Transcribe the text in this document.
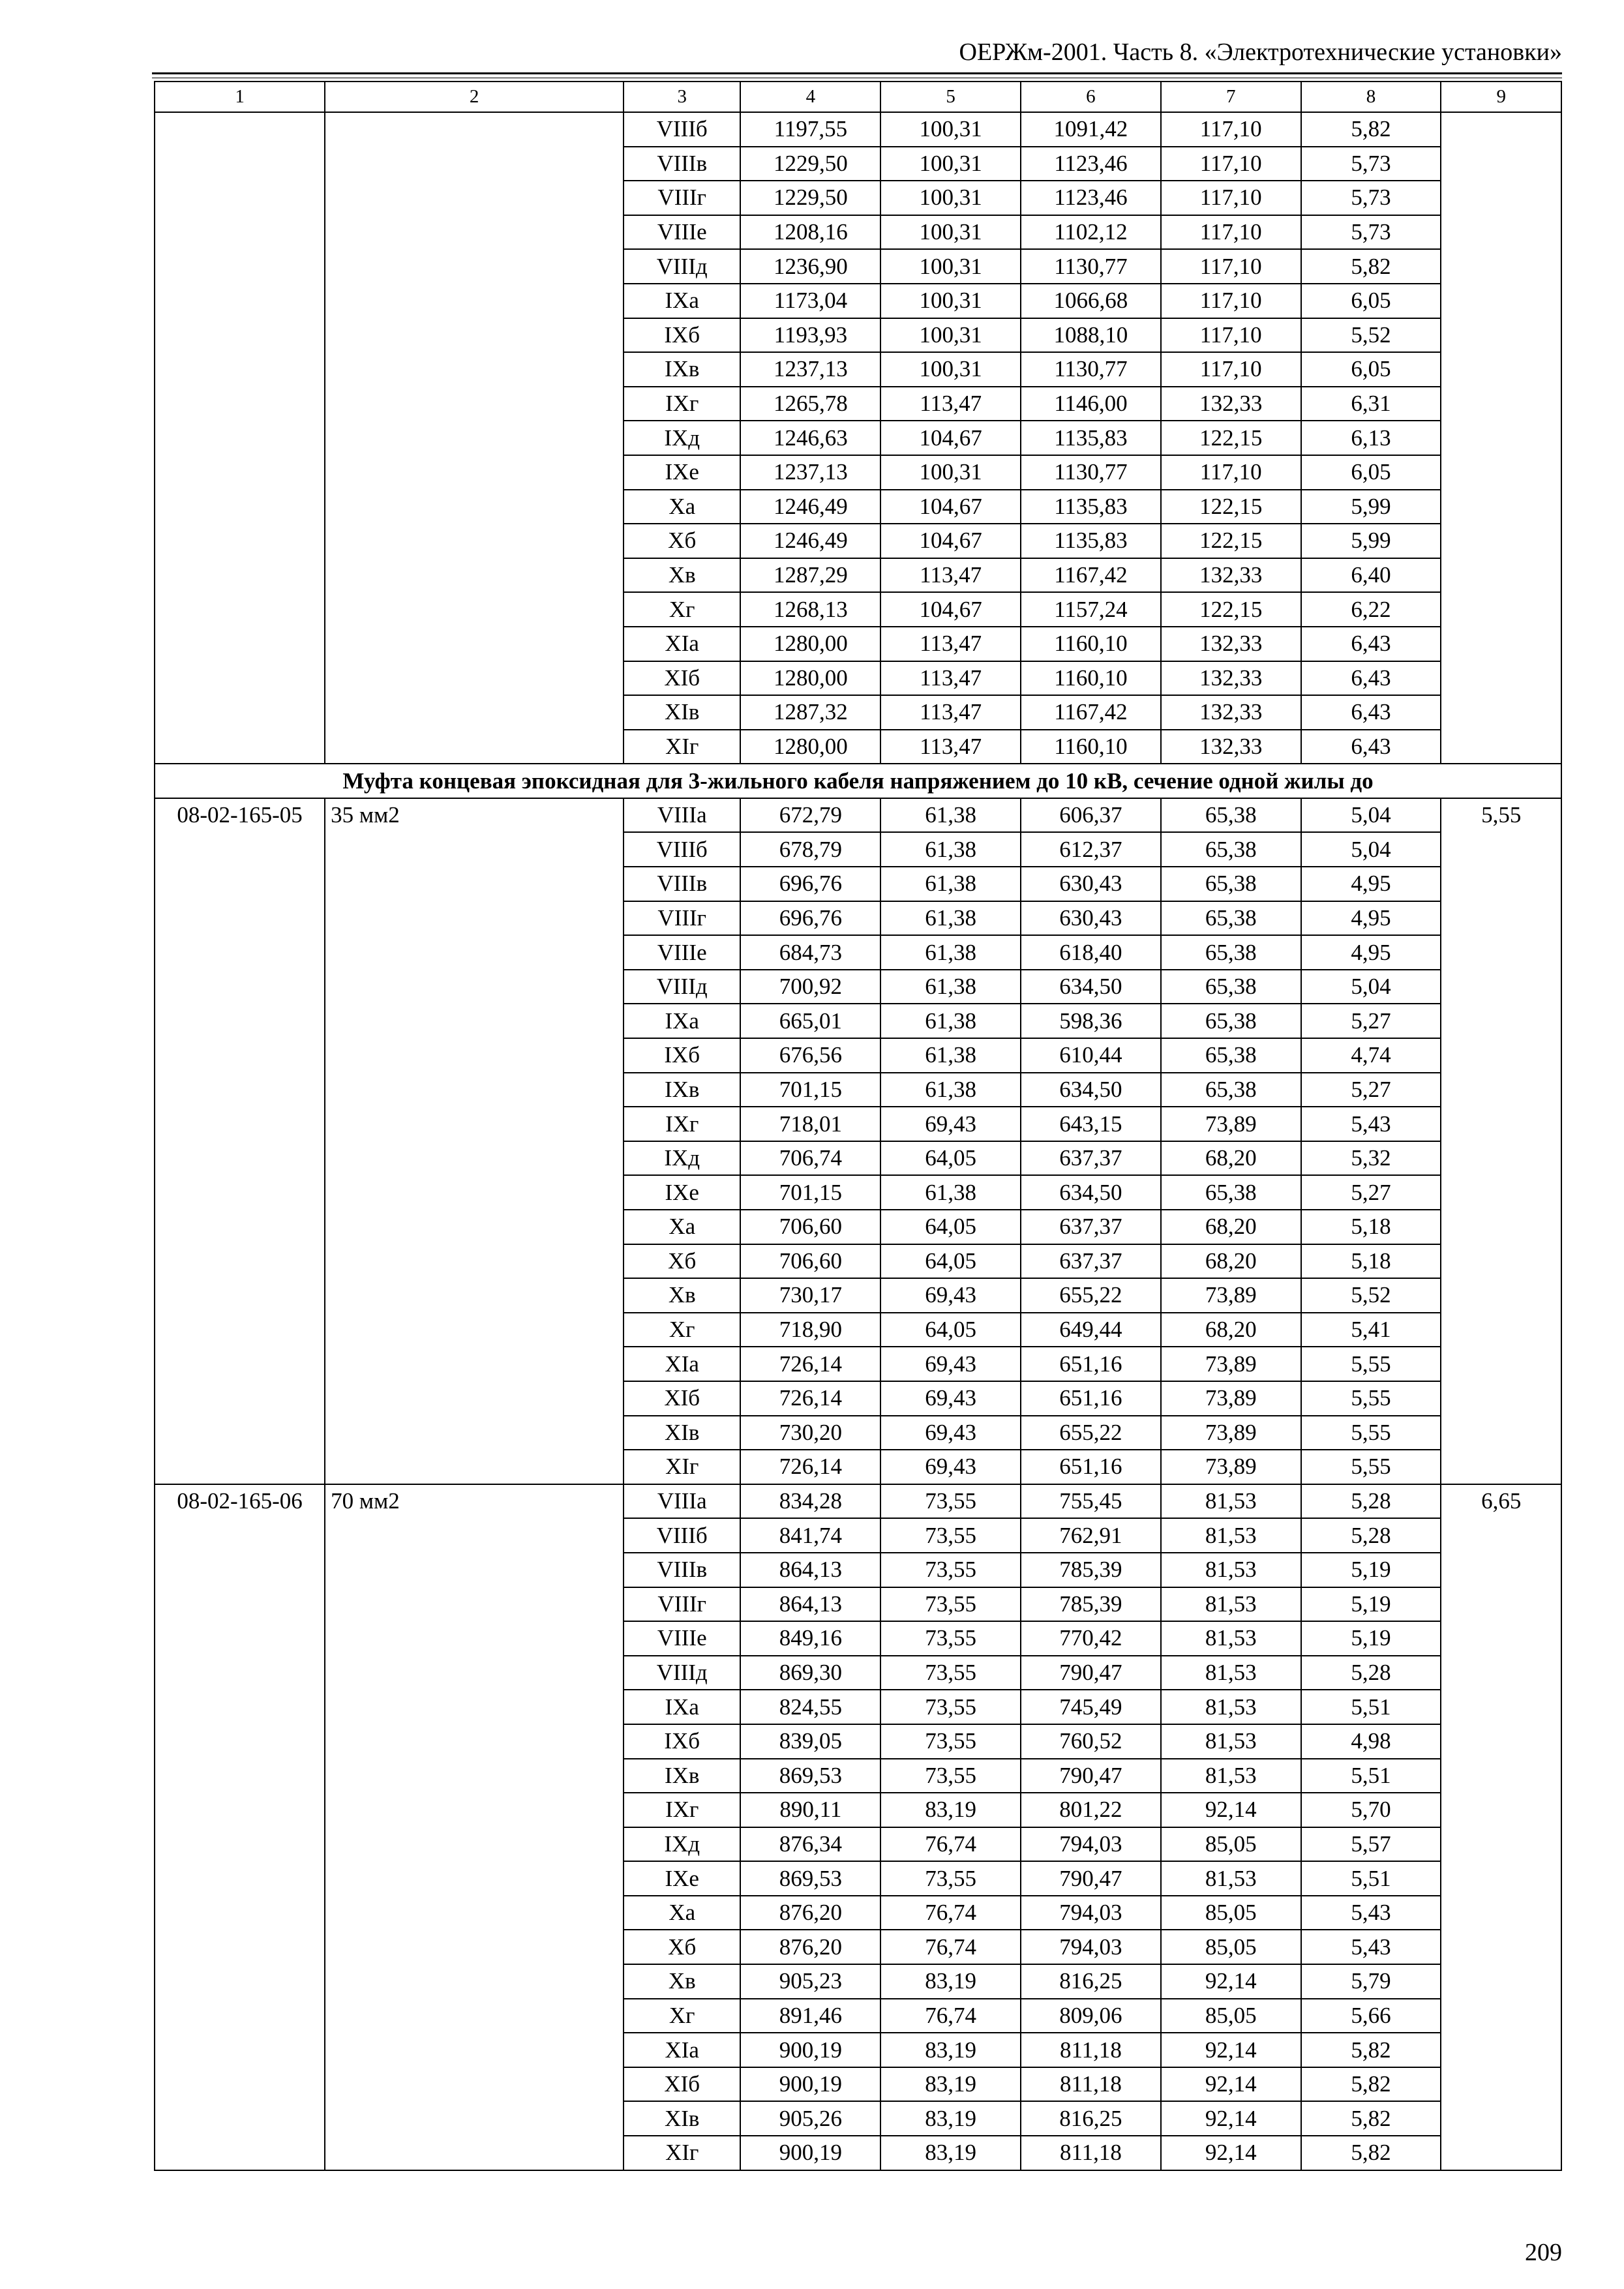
ОЕРЖм-2001. Часть 8. «Электротехнические установки»
1	2	3	4	5	6	7	8	9
		VIIIб	1197,55	100,31	1091,42	117,10	5,82	
		VIIIв	1229,50	100,31	1123,46	117,10	5,73	
		VIIIг	1229,50	100,31	1123,46	117,10	5,73	
		VIIIе	1208,16	100,31	1102,12	117,10	5,73	
		VIIIд	1236,90	100,31	1130,77	117,10	5,82	
		IXа	1173,04	100,31	1066,68	117,10	6,05	
		IXб	1193,93	100,31	1088,10	117,10	5,52	
		IXв	1237,13	100,31	1130,77	117,10	6,05	
		IXг	1265,78	113,47	1146,00	132,33	6,31	
		IXд	1246,63	104,67	1135,83	122,15	6,13	
		IXе	1237,13	100,31	1130,77	117,10	6,05	
		Xа	1246,49	104,67	1135,83	122,15	5,99	
		Xб	1246,49	104,67	1135,83	122,15	5,99	
		Xв	1287,29	113,47	1167,42	132,33	6,40	
		Xг	1268,13	104,67	1157,24	122,15	6,22	
		XIа	1280,00	113,47	1160,10	132,33	6,43	
		XIб	1280,00	113,47	1160,10	132,33	6,43	
		XIв	1287,32	113,47	1167,42	132,33	6,43	
		XIг	1280,00	113,47	1160,10	132,33	6,43	
Муфта концевая эпоксидная для 3-жильного кабеля напряжением до 10 кВ, сечение одной жилы до								
08-02-165-05	35 мм2	VIIIа	672,79	61,38	606,37	65,38	5,04	5,55
		VIIIб	678,79	61,38	612,37	65,38	5,04	
		VIIIв	696,76	61,38	630,43	65,38	4,95	
		VIIIг	696,76	61,38	630,43	65,38	4,95	
		VIIIе	684,73	61,38	618,40	65,38	4,95	
		VIIIд	700,92	61,38	634,50	65,38	5,04	
		IXа	665,01	61,38	598,36	65,38	5,27	
		IXб	676,56	61,38	610,44	65,38	4,74	
		IXв	701,15	61,38	634,50	65,38	5,27	
		IXг	718,01	69,43	643,15	73,89	5,43	
		IXд	706,74	64,05	637,37	68,20	5,32	
		IXе	701,15	61,38	634,50	65,38	5,27	
		Xа	706,60	64,05	637,37	68,20	5,18	
		Xб	706,60	64,05	637,37	68,20	5,18	
		Xв	730,17	69,43	655,22	73,89	5,52	
		Xг	718,90	64,05	649,44	68,20	5,41	
		XIа	726,14	69,43	651,16	73,89	5,55	
		XIб	726,14	69,43	651,16	73,89	5,55	
		XIв	730,20	69,43	655,22	73,89	5,55	
		XIг	726,14	69,43	651,16	73,89	5,55	
08-02-165-06	70 мм2	VIIIа	834,28	73,55	755,45	81,53	5,28	6,65
		VIIIб	841,74	73,55	762,91	81,53	5,28	
		VIIIв	864,13	73,55	785,39	81,53	5,19	
		VIIIг	864,13	73,55	785,39	81,53	5,19	
		VIIIе	849,16	73,55	770,42	81,53	5,19	
		VIIIд	869,30	73,55	790,47	81,53	5,28	
		IXа	824,55	73,55	745,49	81,53	5,51	
		IXб	839,05	73,55	760,52	81,53	4,98	
		IXв	869,53	73,55	790,47	81,53	5,51	
		IXг	890,11	83,19	801,22	92,14	5,70	
		IXд	876,34	76,74	794,03	85,05	5,57	
		IXе	869,53	73,55	790,47	81,53	5,51	
		Xа	876,20	76,74	794,03	85,05	5,43	
		Xб	876,20	76,74	794,03	85,05	5,43	
		Xв	905,23	83,19	816,25	92,14	5,79	
		Xг	891,46	76,74	809,06	85,05	5,66	
		XIа	900,19	83,19	811,18	92,14	5,82	
		XIб	900,19	83,19	811,18	92,14	5,82	
		XIв	905,26	83,19	816,25	92,14	5,82	
		XIг	900,19	83,19	811,18	92,14	5,82	
209
